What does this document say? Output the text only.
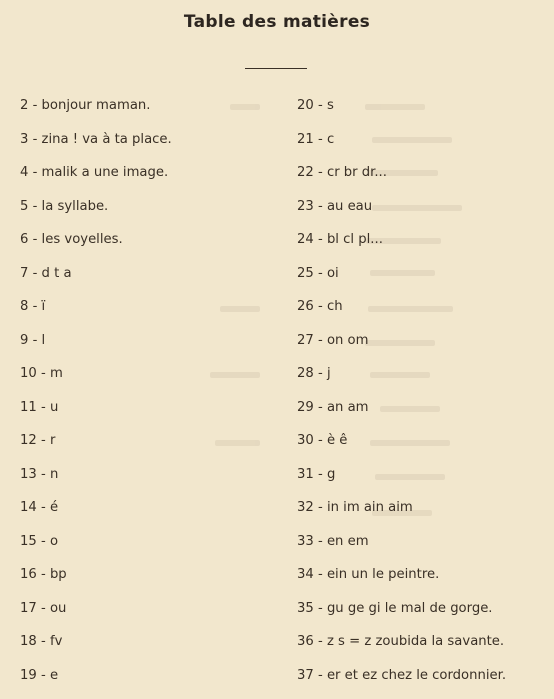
Table des matières
2 - bonjour maman.
3 - zina ! va à ta place.
4 - malik a une image.
5 - la syllabe.
6 - les voyelles.
7 - d t a
8 - ï
9 - l
10 - m
11 - u
12 - r
13 - n
14 - é
15 - o
16 - bp
17 - ou
18 - fv
19 - e
20 - s
21 - c
22 - cr br dr...
23 - au eau
24 - bl cl pl...
25 - oi
26 - ch
27 - on om
28 - j
29 - an am
30 - è ê
31 - g
32 - in im ain aim
33 - en em
34 - ein un le peintre.
35 - gu ge gi le mal de gorge.
36 - z s = z zoubida la savante.
37 - er et ez chez le cordonnier.
